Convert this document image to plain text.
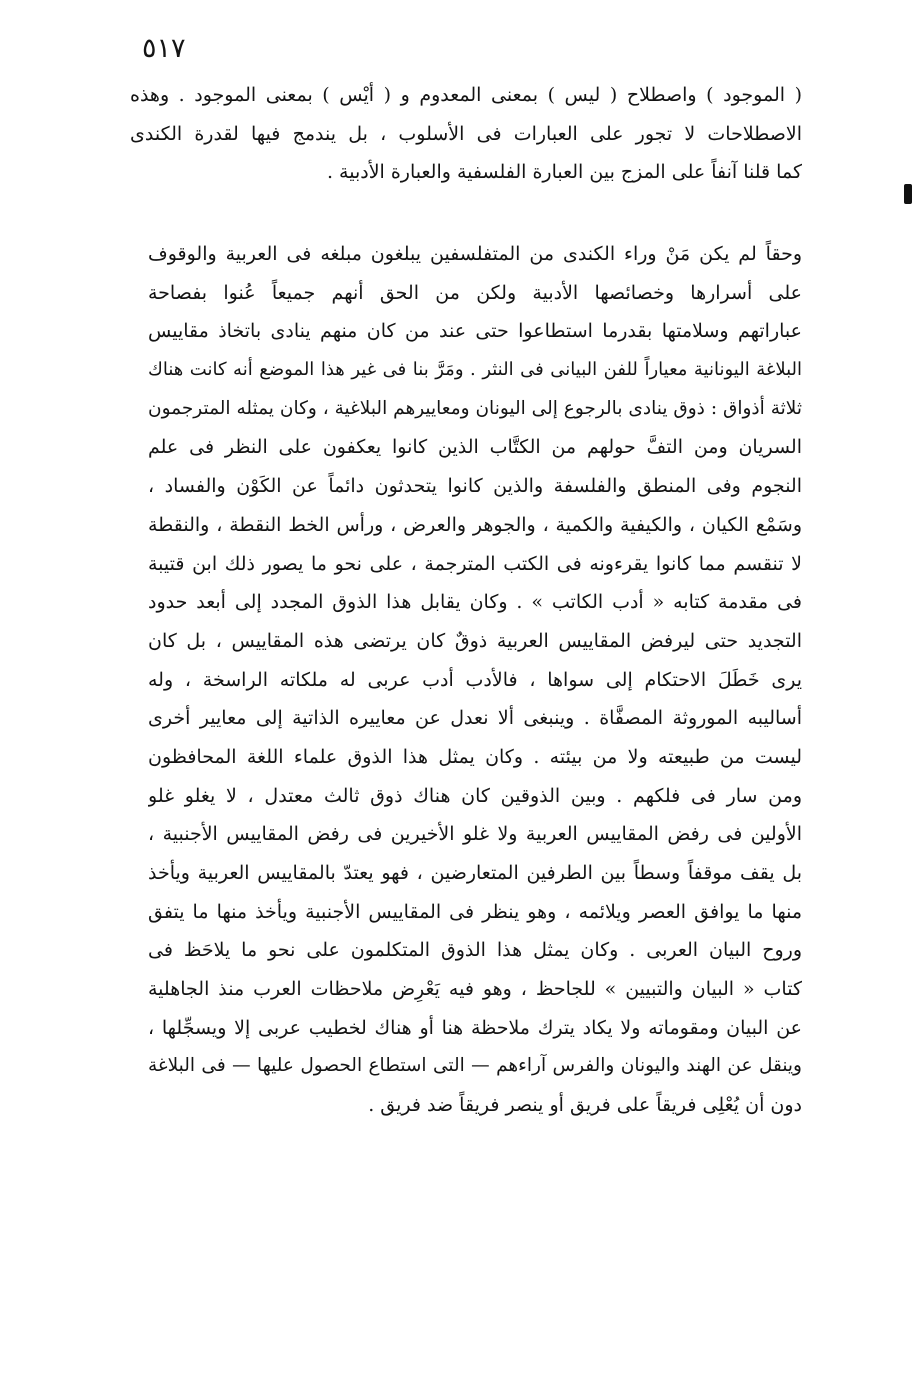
٥١٧
( الموجود ) واصطلاح ( ليس ) بمعنى المعدوم و ( أيْس ) بمعنى الموجود . وهذه
الاصطلاحات لا تجور على العبارات فى الأسلوب ، بل يندمج فيها لقدرة الكندى
كما قلنا آنفاً على المزج بين العبارة الفلسفية والعبارة الأدبية .
وحقاً لم يكن مَنْ وراء الكندى من المتفلسفين يبلغون مبلغه فى العربية والوقوف
على أسرارها وخصائصها الأدبية ولكن من الحق أنهم جميعاً عُنوا بفصاحة
عباراتهم وسلامتها بقدرما استطاعوا حتى عند من كان منهم ينادى باتخاذ مقاييس
البلاغة اليونانية معياراً للفن البيانى فى النثر . ومَرَّ بنا فى غير هذا الموضع أنه كانت هناك
ثلاثة أذواق : ذوق ينادى بالرجوع إلى اليونان ومعاييرهم البلاغية ، وكان يمثله المترجمون
السريان ومن التفَّ حولهم من الكتَّاب الذين كانوا يعكفون على النظر فى علم
النجوم وفى المنطق والفلسفة والذين كانوا يتحدثون دائماً عن الكَوْن والفساد ،
وسَمْع الكيان ، والكيفية والكمية ، والجوهر والعرض ، ورأس الخط النقطة ، والنقطة
لا تنقسم مما كانوا يقرءونه فى الكتب المترجمة ، على نحو ما يصور ذلك ابن قتيبة
فى مقدمة كتابه « أدب الكاتب » . وكان يقابل هذا الذوق المجدد إلى أبعد حدود
التجديد حتى ليرفض المقاييس العربية ذوقٌ كان يرتضى هذه المقاييس ، بل كان
يرى خَطَلَ الاحتكام إلى سواها ، فالأدب أدب عربى له ملكاته الراسخة ، وله
أساليبه الموروثة المصفَّاة . وينبغى ألا نعدل عن معاييره الذاتية إلى معايير أخرى
ليست من طبيعته ولا من بيئته . وكان يمثل هذا الذوق علماء اللغة المحافظون
ومن سار فى فلكهم . وبين الذوقين كان هناك ذوق ثالث معتدل ، لا يغلو غلو
الأولين فى رفض المقاييس العربية ولا غلو الأخيرين فى رفض المقاييس الأجنبية ،
بل يقف موقفاً وسطاً بين الطرفين المتعارضين ، فهو يعتدّ بالمقاييس العربية ويأخذ
منها ما يوافق العصر ويلائمه ، وهو ينظر فى المقاييس الأجنبية ويأخذ منها ما يتفق
وروح البيان العربى . وكان يمثل هذا الذوق المتكلمون على نحو ما يلاحَظ فى
كتاب « البيان والتبيين » للجاحظ ، وهو فيه يَعْرِض ملاحظات العرب منذ الجاهلية
عن البيان ومقوماته ولا يكاد يترك ملاحظة هنا أو هناك لخطيب عربى إلا ويسجِّلها ،
وينقل عن الهند واليونان والفرس آراءهم — التى استطاع الحصول عليها — فى البلاغة
دون أن يُعْلِى فريقاً على فريق أو ينصر فريقاً ضد فريق .
